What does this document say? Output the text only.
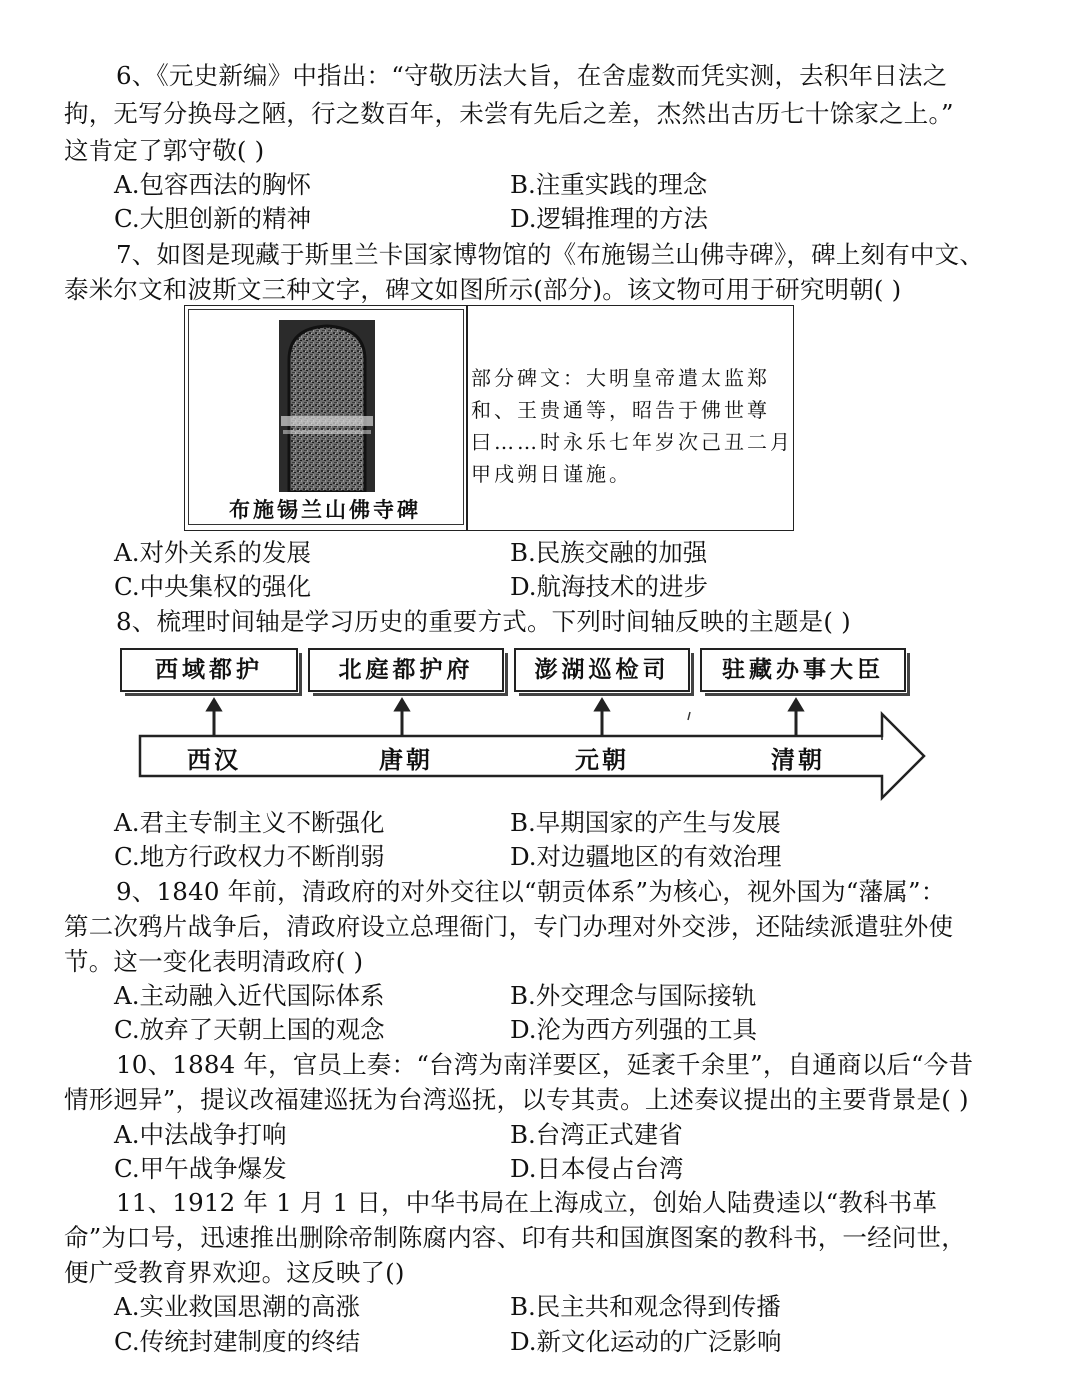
6、《元史新编》中指出：“守敬历法大旨，在舍虚数而凭实测，去积年日法之
拘，无写分换母之陋，行之数百年，未尝有先后之差，杰然出古历七十馀家之上。”
这肯定了郭守敬( )
A.包容西法的胸怀	B.注重实践的理念
C.大胆创新的精神	D.逻辑推理的方法
7、如图是现藏于斯里兰卡国家博物馆的《布施锡兰山佛寺碑》，碑上刻有中文、
泰米尔文和波斯文三种文字，碑文如图所示(部分)。该文物可用于研究明朝( )
布施锡兰山佛寺碑
部分碑文：大明皇帝遣太监郑和、王贵通等，昭告于佛世尊曰……时永乐七年岁次己丑二月甲戌朔日谨施。
A.对外关系的发展	B.民族交融的加强
C.中央集权的强化	D.航海技术的进步
8、梳理时间轴是学习历史的重要方式。下列时间轴反映的主题是( )
西域都护	北庭都护府	澎湖巡检司	驻藏办事大臣
西汉	唐朝	元朝	清朝
A.君主专制主义不断强化	B.早期国家的产生与发展
C.地方行政权力不断削弱	D.对边疆地区的有效治理
9、1840 年前，清政府的对外交往以“朝贡体系”为核心，视外国为“藩属”：
第二次鸦片战争后，清政府设立总理衙门，专门办理对外交涉，还陆续派遣驻外使
节。这一变化表明清政府( )
A.主动融入近代国际体系	B.外交理念与国际接轨
C.放弃了天朝上国的观念	D.沦为西方列强的工具
10、1884 年，官员上奏：“台湾为南洋要区，延袤千余里”，自通商以后“今昔
情形迥异”，提议改福建巡抚为台湾巡抚，以专其责。上述奏议提出的主要背景是( )
A.中法战争打响	B.台湾正式建省
C.甲午战争爆发	D.日本侵占台湾
11、1912 年 1 月 1 日，中华书局在上海成立，创始人陆费逵以“教科书革
命”为口号，迅速推出删除帝制陈腐内容、印有共和国旗图案的教科书，一经问世，
便广受教育界欢迎。这反映了()
A.实业救国思潮的高涨	B.民主共和观念得到传播
C.传统封建制度的终结	D.新文化运动的广泛影响
